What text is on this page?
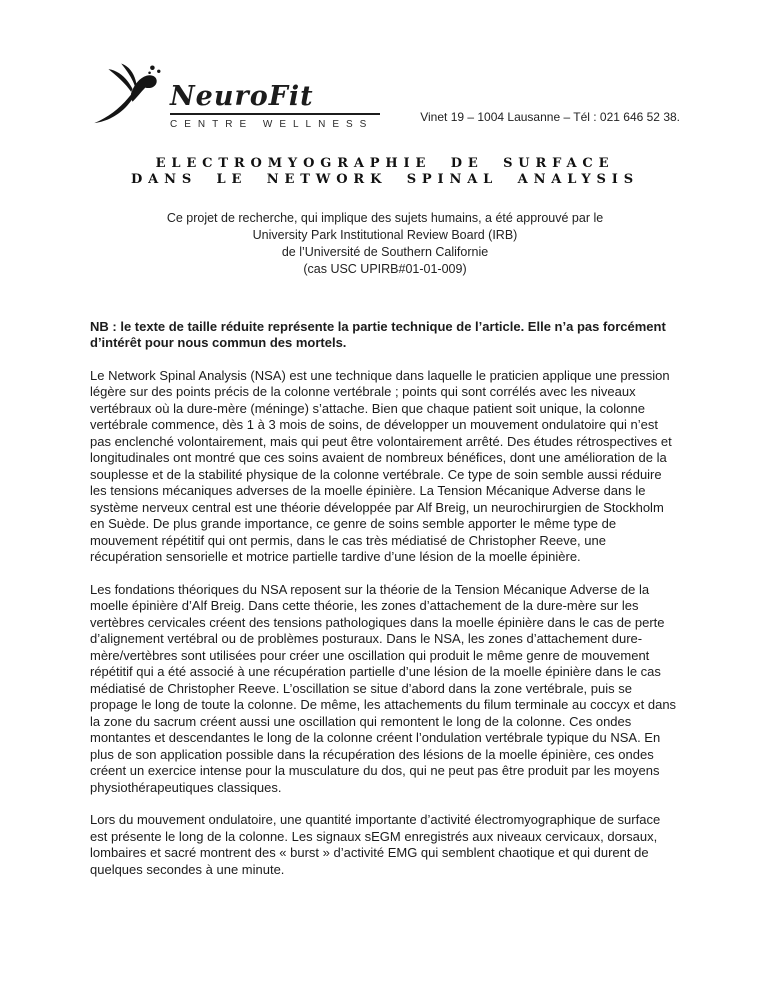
NeuroFit
CENTRE WELLNESS
Vinet 19 – 1004 Lausanne – Tél : 021 646 52 38.
ELECTROMYOGRAPHIE DE SURFACE
DANS LE NETWORK SPINAL ANALYSIS
Ce projet de recherche, qui implique des sujets humains, a été approuvé par le
University Park Institutional Review Board (IRB)
de l’Université de Southern Californie
(cas USC UPIRB#01-01-009)

NB : le texte de taille réduite représente la partie technique de l’article. Elle n’a pas forcément d’intérêt pour nous commun des mortels.

Le Network Spinal Analysis (NSA) est une technique dans laquelle le praticien applique une pression légère sur des points précis de la colonne vertébrale ; points qui sont corrélés avec les niveaux vertébraux où la dure-mère (méninge) s’attache. Bien que chaque patient soit unique, la colonne vertébrale commence, dès 1 à 3 mois de soins, de développer un mouvement ondulatoire qui n’est pas enclenché volontairement, mais qui peut être volontairement arrêté. Des études rétrospectives et longitudinales ont montré que ces soins avaient de nombreux bénéfices, dont une amélioration de la souplesse et de la stabilité physique de la colonne vertébrale. Ce type de soin semble aussi réduire les tensions mécaniques adverses de la moelle épinière. La Tension Mécanique Adverse dans le système nerveux central est une théorie développée par Alf Breig, un neurochirurgien de Stockholm en Suède. De plus grande importance, ce genre de soins semble apporter le même type de mouvement répétitif qui ont permis, dans le cas très médiatisé de Christopher Reeve, une récupération sensorielle et motrice partielle tardive d’une lésion de la moelle épinière.

Les fondations théoriques du NSA reposent sur la théorie de la Tension Mécanique Adverse de la moelle épinière d’Alf Breig. Dans cette théorie, les zones d’attachement de la dure-mère sur les vertèbres cervicales créent des tensions pathologiques dans la moelle épinière dans le cas de perte d’alignement vertébral ou de problèmes posturaux. Dans le NSA, les zones d’attachement dure-mère/vertèbres sont utilisées pour créer une oscillation qui produit le même genre de mouvement répétitif qui a été associé à une récupération partielle d’une lésion de la moelle épinière dans le cas médiatisé de Christopher Reeve. L’oscillation se situe d’abord dans la zone vertébrale, puis se propage le long de toute la colonne. De même, les attachements du filum terminale au coccyx et dans la zone du sacrum créent aussi une oscillation qui remontent le long de la colonne. Ces ondes montantes et descendantes le long de la colonne créent l’ondulation vertébrale typique du NSA. En plus de son application possible dans la récupération des lésions de la moelle épinière, ces ondes créent un exercice intense pour la musculature du dos, qui ne peut pas être produit par les moyens physiothérapeutiques classiques.

Lors du mouvement ondulatoire, une quantité importante d’activité électromyographique de surface est présente le long de la colonne. Les signaux sEGM enregistrés aux niveaux cervicaux, dorsaux, lombaires et sacré montrent des « burst » d’activité EMG qui semblent chaotique et qui durent de quelques secondes à une minute.
